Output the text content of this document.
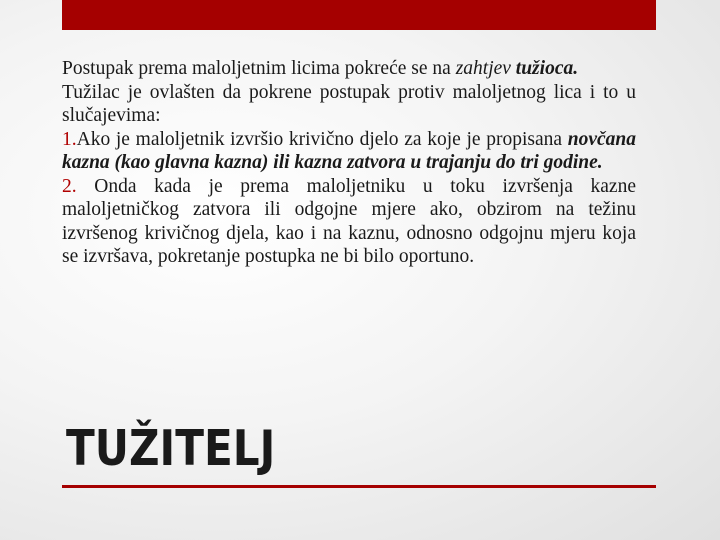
Postupak prema maloljetnim licima pokreće se na zahtjev tužioca.

Tužilac je ovlašten da pokrene postupak protiv maloljetnog lica i to u slučajevima:

1.Ako je maloljetnik izvršio krivično djelo za koje je propisana novčana kazna (kao glavna kazna) ili kazna zatvora u trajanju do tri godine.

2. Onda kada je prema maloljetniku u toku izvršenja kazne maloljetničkog zatvora ili odgojne mjere ako, obzirom na težinu izvršenog krivičnog djela, kao i na kaznu, odnosno odgojnu mjeru koja se izvršava, pokretanje postupka ne bi bilo oportuno.

TUŽITELJ
